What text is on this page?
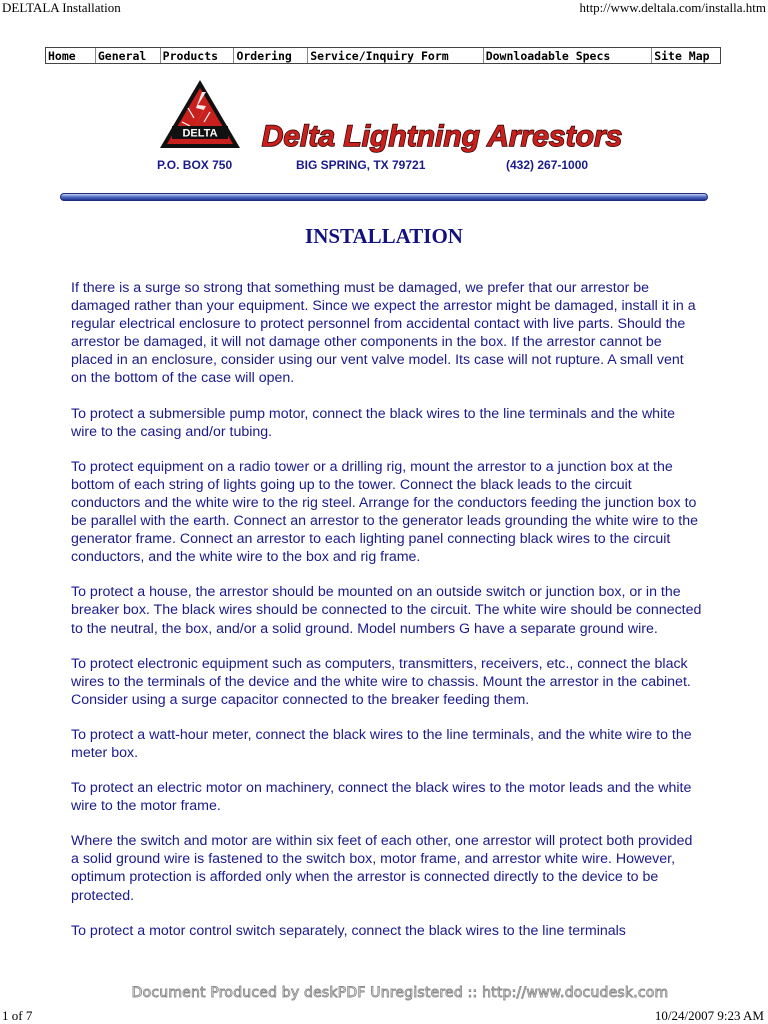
DELTALA Installation	http://www.deltala.com/installa.htm
Home	General	Products	Ordering	Service/Inquiry Form	Downloadable Specs	Site Map
DELTA Delta Lightning Arrestors
P.O. BOX 750	BIG SPRING, TX 79721	(432) 267-1000
INSTALLATION

If there is a surge so strong that something must be damaged, we prefer that our arrestor be damaged rather than your equipment. Since we expect the arrestor might be damaged, install it in a regular electrical enclosure to protect personnel from accidental contact with live parts. Should the arrestor be damaged, it will not damage other components in the box. If the arrestor cannot be placed in an enclosure, consider using our vent valve model. Its case will not rupture. A small vent on the bottom of the case will open.

To protect a submersible pump motor, connect the black wires to the line terminals and the white wire to the casing and/or tubing.

To protect equipment on a radio tower or a drilling rig, mount the arrestor to a junction box at the bottom of each string of lights going up to the tower. Connect the black leads to the circuit conductors and the white wire to the rig steel. Arrange for the conductors feeding the junction box to be parallel with the earth. Connect an arrestor to the generator leads grounding the white wire to the generator frame. Connect an arrestor to each lighting panel connecting black wires to the circuit conductors, and the white wire to the box and rig frame.

To protect a house, the arrestor should be mounted on an outside switch or junction box, or in the breaker box. The black wires should be connected to the circuit. The white wire should be connected to the neutral, the box, and/or a solid ground. Model numbers G have a separate ground wire.

To protect electronic equipment such as computers, transmitters, receivers, etc., connect the black wires to the terminals of the device and the white wire to chassis. Mount the arrestor in the cabinet. Consider using a surge capacitor connected to the breaker feeding them.

To protect a watt-hour meter, connect the black wires to the line terminals, and the white wire to the meter box.

To protect an electric motor on machinery, connect the black wires to the motor leads and the white wire to the motor frame.

Where the switch and motor are within six feet of each other, one arrestor will protect both provided a solid ground wire is fastened to the switch box, motor frame, and arrestor white wire. However, optimum protection is afforded only when the arrestor is connected directly to the device to be protected.

To protect a motor control switch separately, connect the black wires to the line terminals

Document Produced by deskPDF Unregistered :: http://www.docudesk.com
1 of 7	10/24/2007 9:23 AM
